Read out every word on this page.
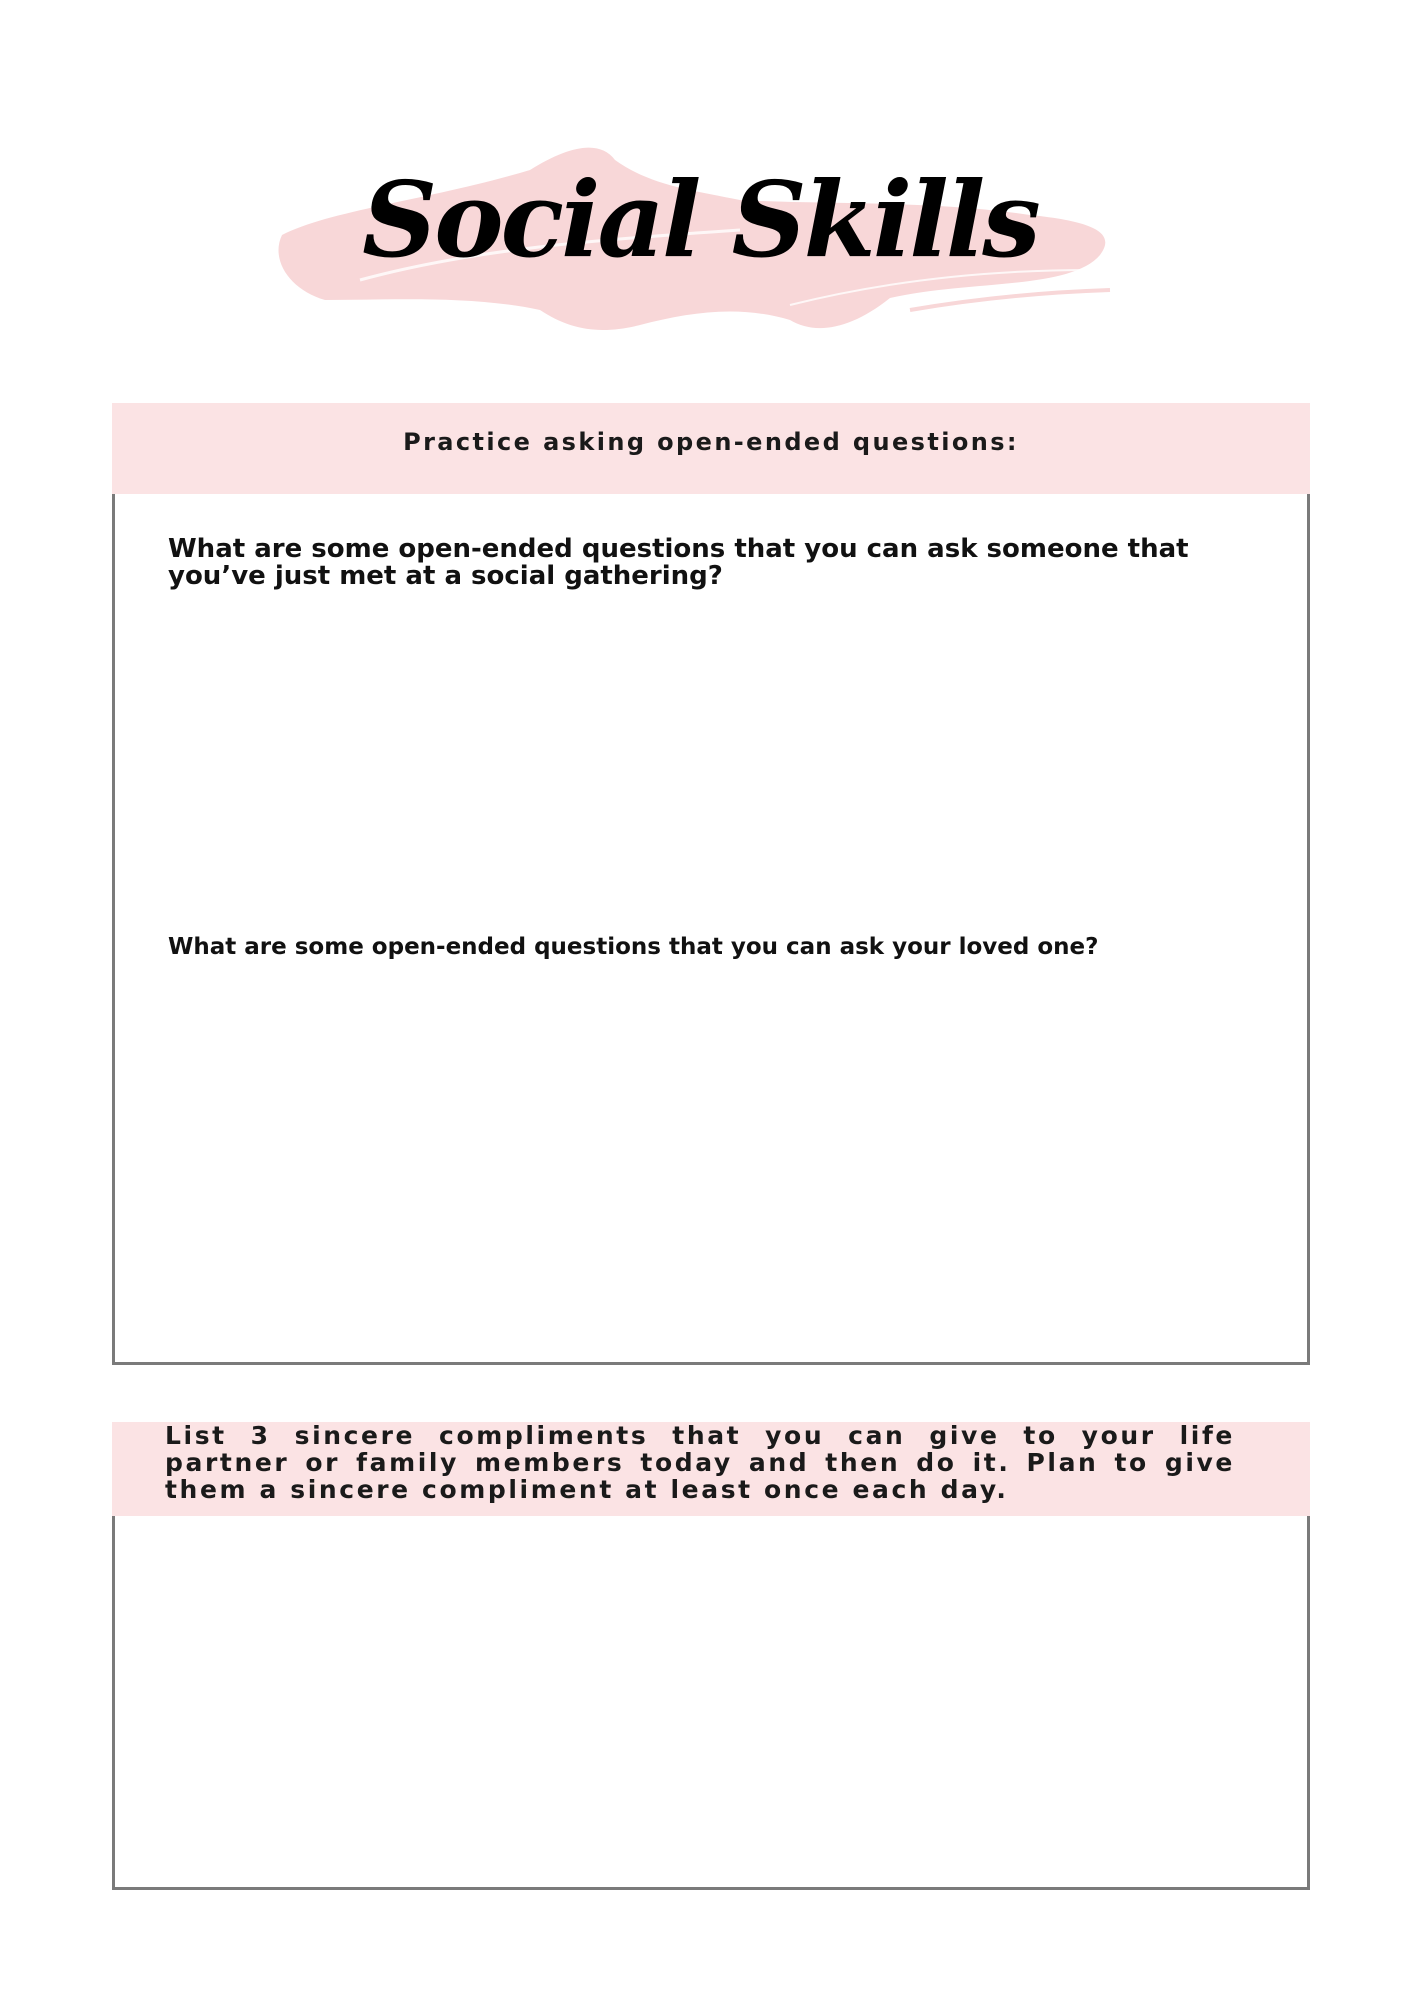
Social Skills
Practice asking open-ended questions:
What are some open-ended questions that you can ask someone that you’ve just met at a social gathering?
What are some open-ended questions that you can ask your loved one?
List 3 sincere compliments that you can give to your life partner or family members today and then do it. Plan to give them a sincere compliment at least once each day.
